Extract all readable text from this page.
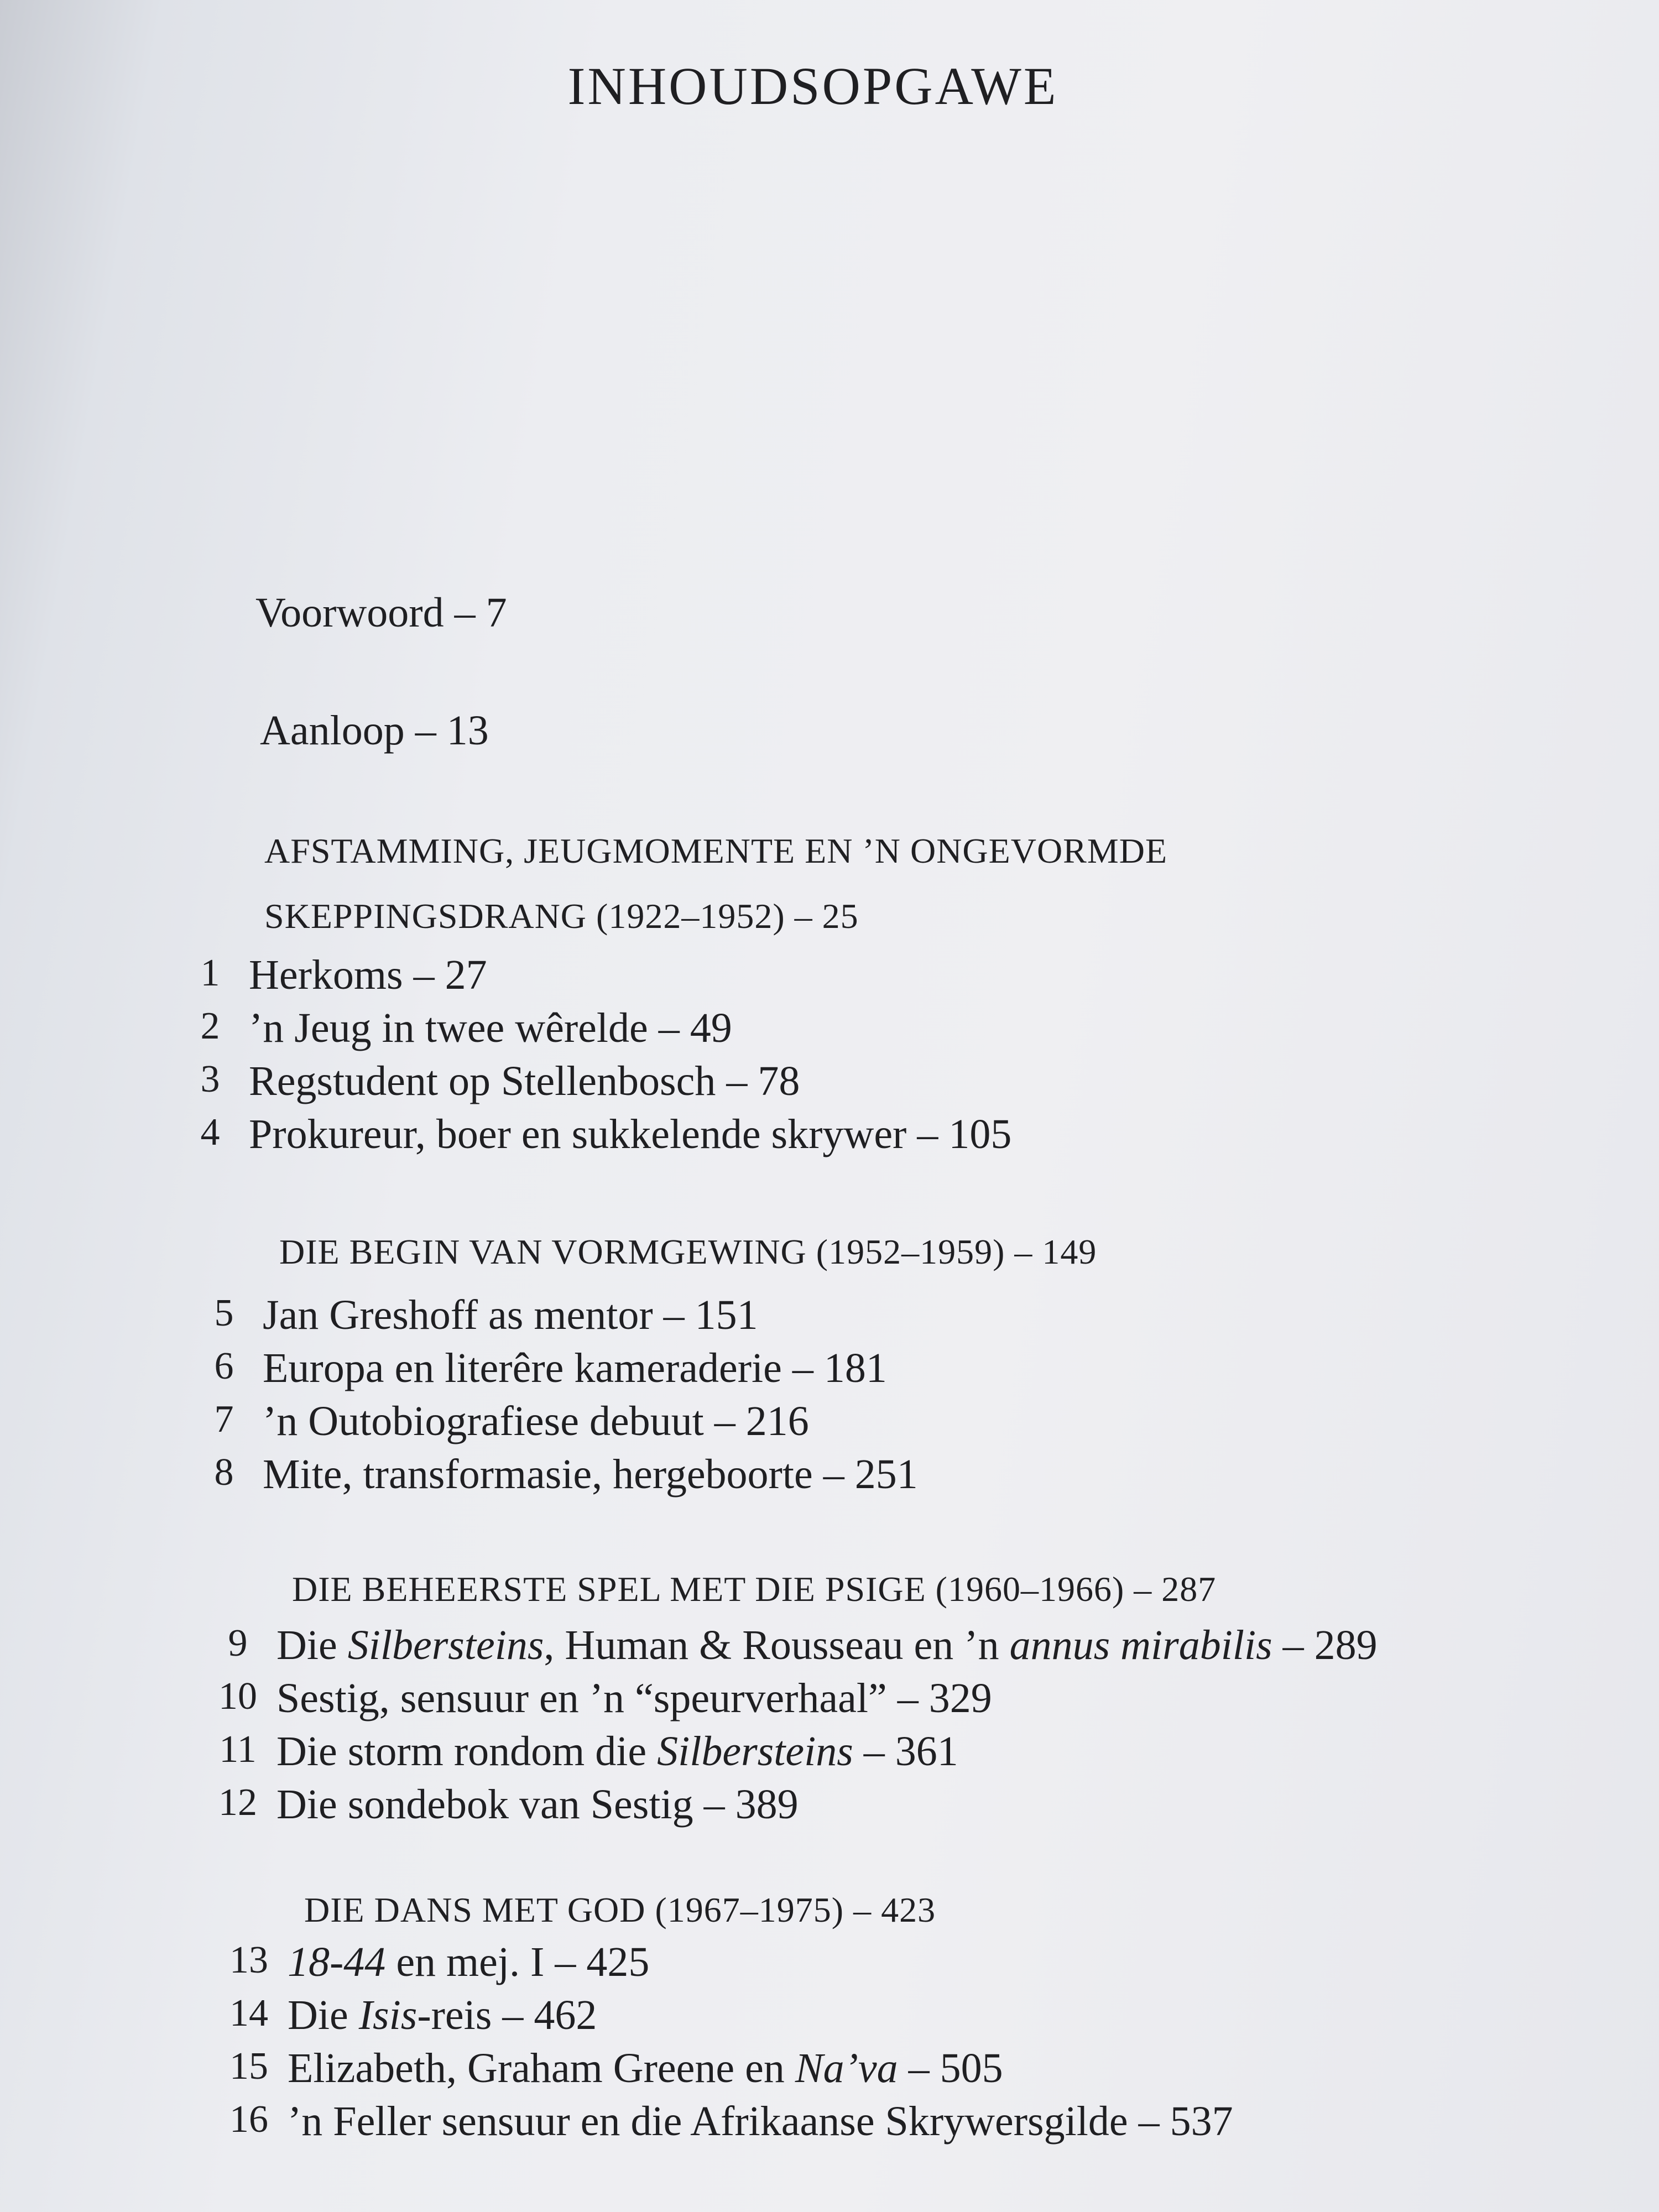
INHOUDSOPGAWE
Voorwoord – 7
Aanloop – 13
AFSTAMMING, JEUGMOMENTE EN ’N ONGEVORMDE
SKEPPINGSDRANG (1922–1952) – 25
1 Herkoms – 27
2 ’n Jeug in twee wêrelde – 49
3 Regstudent op Stellenbosch – 78
4 Prokureur, boer en sukkelende skrywer – 105
DIE BEGIN VAN VORMGEWING (1952–1959) – 149
5 Jan Greshoff as mentor – 151
6 Europa en literêre kameraderie – 181
7 ’n Outobiografiese debuut – 216
8 Mite, transformasie, hergeboorte – 251
DIE BEHEERSTE SPEL MET DIE PSIGE (1960–1966) – 287
9 Die Silbersteins, Human & Rousseau en ’n annus mirabilis – 289
10 Sestig, sensuur en ’n “speurverhaal” – 329
11 Die storm rondom die Silbersteins – 361
12 Die sondebok van Sestig – 389
DIE DANS MET GOD (1967–1975) – 423
13 18-44 en mej. I – 425
14 Die Isis-reis – 462
15 Elizabeth, Graham Greene en Na’va – 505
16 ’n Feller sensuur en die Afrikaanse Skrywersgilde – 537
